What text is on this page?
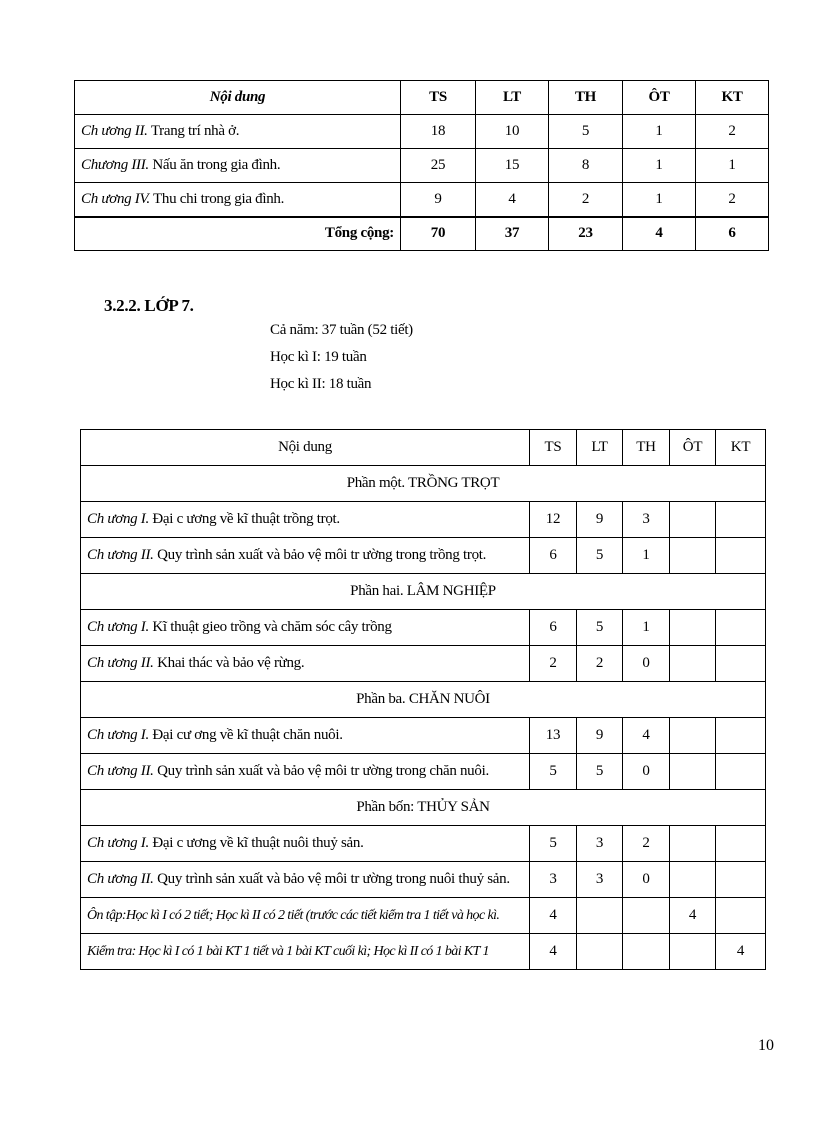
Nội dung	TS	LT	TH	ÔT	KT
Ch ương II. Trang trí nhà ở.	18	10	5	1	2
Chương III. Nấu ăn trong gia đình.	25	15	8	1	1
Ch ương IV. Thu chi trong gia đình.	9	4	2	1	2
Tổng cộng:	70	37	23	4	6
3.2.2. LỚP 7.
Cả năm: 37 tuần (52 tiết)
Học kì I: 19 tuần
Học kì II: 18 tuần
Nội dung	TS	LT	TH	ÔT	KT
Phần một. TRỒNG TRỌT					
Ch ương I. Đại c ương về kĩ thuật trồng trọt.	12	9	3		
Ch ương II. Quy trình sản xuất và bảo vệ môi tr ường trong trồng trọt.	6	5	1		
Phần hai. LÂM NGHIỆP					
Ch ương I. Kĩ thuật gieo trồng và chăm sóc cây trồng	6	5	1		
Ch ương II. Khai thác và bảo vệ rừng.	2	2	0		
Phần ba. CHĂN NUÔI					
Ch ương I. Đại cư ơng về kĩ thuật chăn nuôi.	13	9	4		
Ch ương II. Quy trình sản xuất và bảo vệ môi tr ường trong chăn nuôi.	5	5	0		
Phần bốn: THỦY SẢN					
Ch ương I. Đại c ương về kĩ thuật nuôi thuỷ sản.	5	3	2		
Ch ương II. Quy trình sản xuất và bảo vệ môi tr ường trong nuôi thuỷ sản.	3	3	0		
Ôn tập:Học kì I có 2 tiết; Học kì II có 2 tiết (trước các tiết kiểm tra 1 tiết và học kì.	4			4	
Kiểm tra: Học kì I có 1 bài KT 1 tiết và 1 bài KT cuối kì; Học kì II có 1 bài KT 1	4				4
10
